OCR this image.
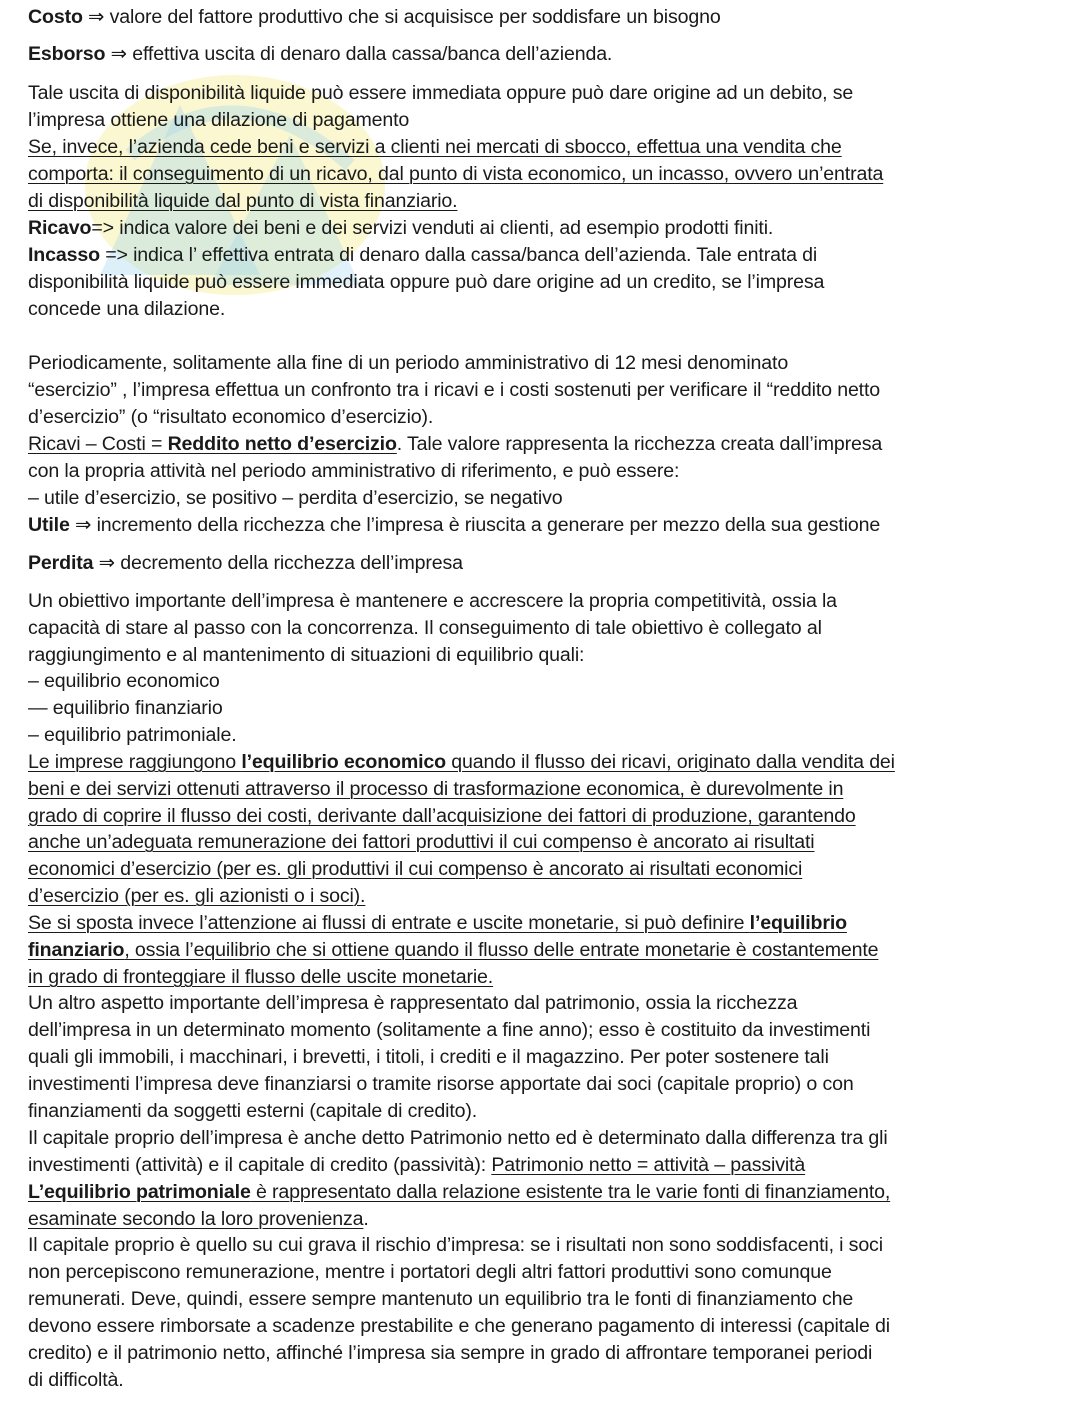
Costo ⇒ valore del fattore produttivo che si acquisisce per soddisfare un bisogno
Esborso ⇒ effettiva uscita di denaro dalla cassa/banca dell’azienda.
Tale uscita di disponibilità liquide può essere immediata oppure può dare origine ad un debito, se
l’impresa ottiene una dilazione di pagamento
Se, invece, l’azienda cede beni e servizi a clienti nei mercati di sbocco, effettua una vendita che
comporta: il conseguimento di un ricavo, dal punto di vista economico, un incasso, ovvero un’entrata
di disponibilità liquide dal punto di vista finanziario.
Ricavo=> indica valore dei beni e dei servizi venduti ai clienti, ad esempio prodotti finiti.
Incasso => indica l’ effettiva entrata di denaro dalla cassa/banca dell’azienda. Tale entrata di
disponibilità liquide può essere immediata oppure può dare origine ad un credito, se l’impresa
concede una dilazione.
Periodicamente, solitamente alla fine di un periodo amministrativo di 12 mesi denominato
“esercizio” , l’impresa effettua un confronto tra i ricavi e i costi sostenuti per verificare il “reddito netto
d’esercizio” (o “risultato economico d’esercizio).
Ricavi – Costi = Reddito netto d’esercizio. Tale valore rappresenta la ricchezza creata dall’impresa
con la propria attività nel periodo amministrativo di riferimento, e può essere:
– utile d’esercizio, se positivo – perdita d’esercizio, se negativo
Utile ⇒ incremento della ricchezza che l’impresa è riuscita a generare per mezzo della sua gestione
Perdita ⇒ decremento della ricchezza dell’impresa
Un obiettivo importante dell’impresa è mantenere e accrescere la propria competitività, ossia la
capacità di stare al passo con la concorrenza. Il conseguimento di tale obiettivo è collegato al
raggiungimento e al mantenimento di situazioni di equilibrio quali:
– equilibrio economico
— equilibrio finanziario
– equilibrio patrimoniale.
Le imprese raggiungono l’equilibrio economico quando il flusso dei ricavi, originato dalla vendita dei
beni e dei servizi ottenuti attraverso il processo di trasformazione economica, è durevolmente in
grado di coprire il flusso dei costi, derivante dall’acquisizione dei fattori di produzione, garantendo
anche un’adeguata remunerazione dei fattori produttivi il cui compenso è ancorato ai risultati
economici d’esercizio (per es. gli produttivi il cui compenso è ancorato ai risultati economici
d’esercizio (per es. gli azionisti o i soci).
Se si sposta invece l’attenzione ai flussi di entrate e uscite monetarie, si può definire l’equilibrio
finanziario, ossia l’equilibrio che si ottiene quando il flusso delle entrate monetarie è costantemente
in grado di fronteggiare il flusso delle uscite monetarie.
Un altro aspetto importante dell’impresa è rappresentato dal patrimonio, ossia la ricchezza
dell’impresa in un determinato momento (solitamente a fine anno); esso è costituito da investimenti
quali gli immobili, i macchinari, i brevetti, i titoli, i crediti e il magazzino. Per poter sostenere tali
investimenti l’impresa deve finanziarsi o tramite risorse apportate dai soci (capitale proprio) o con
finanziamenti da soggetti esterni (capitale di credito).
Il capitale proprio dell’impresa è anche detto Patrimonio netto ed è determinato dalla differenza tra gli
investimenti (attività) e il capitale di credito (passività): Patrimonio netto = attività – passività
L’equilibrio patrimoniale è rappresentato dalla relazione esistente tra le varie fonti di finanziamento,
esaminate secondo la loro provenienza.
Il capitale proprio è quello su cui grava il rischio d’impresa: se i risultati non sono soddisfacenti, i soci
non percepiscono remunerazione, mentre i portatori degli altri fattori produttivi sono comunque
remunerati. Deve, quindi, essere sempre mantenuto un equilibrio tra le fonti di finanziamento che
devono essere rimborsate a scadenze prestabilite e che generano pagamento di interessi (capitale di
credito) e il patrimonio netto, affinché l’impresa sia sempre in grado di affrontare temporanei periodi
di difficoltà.
